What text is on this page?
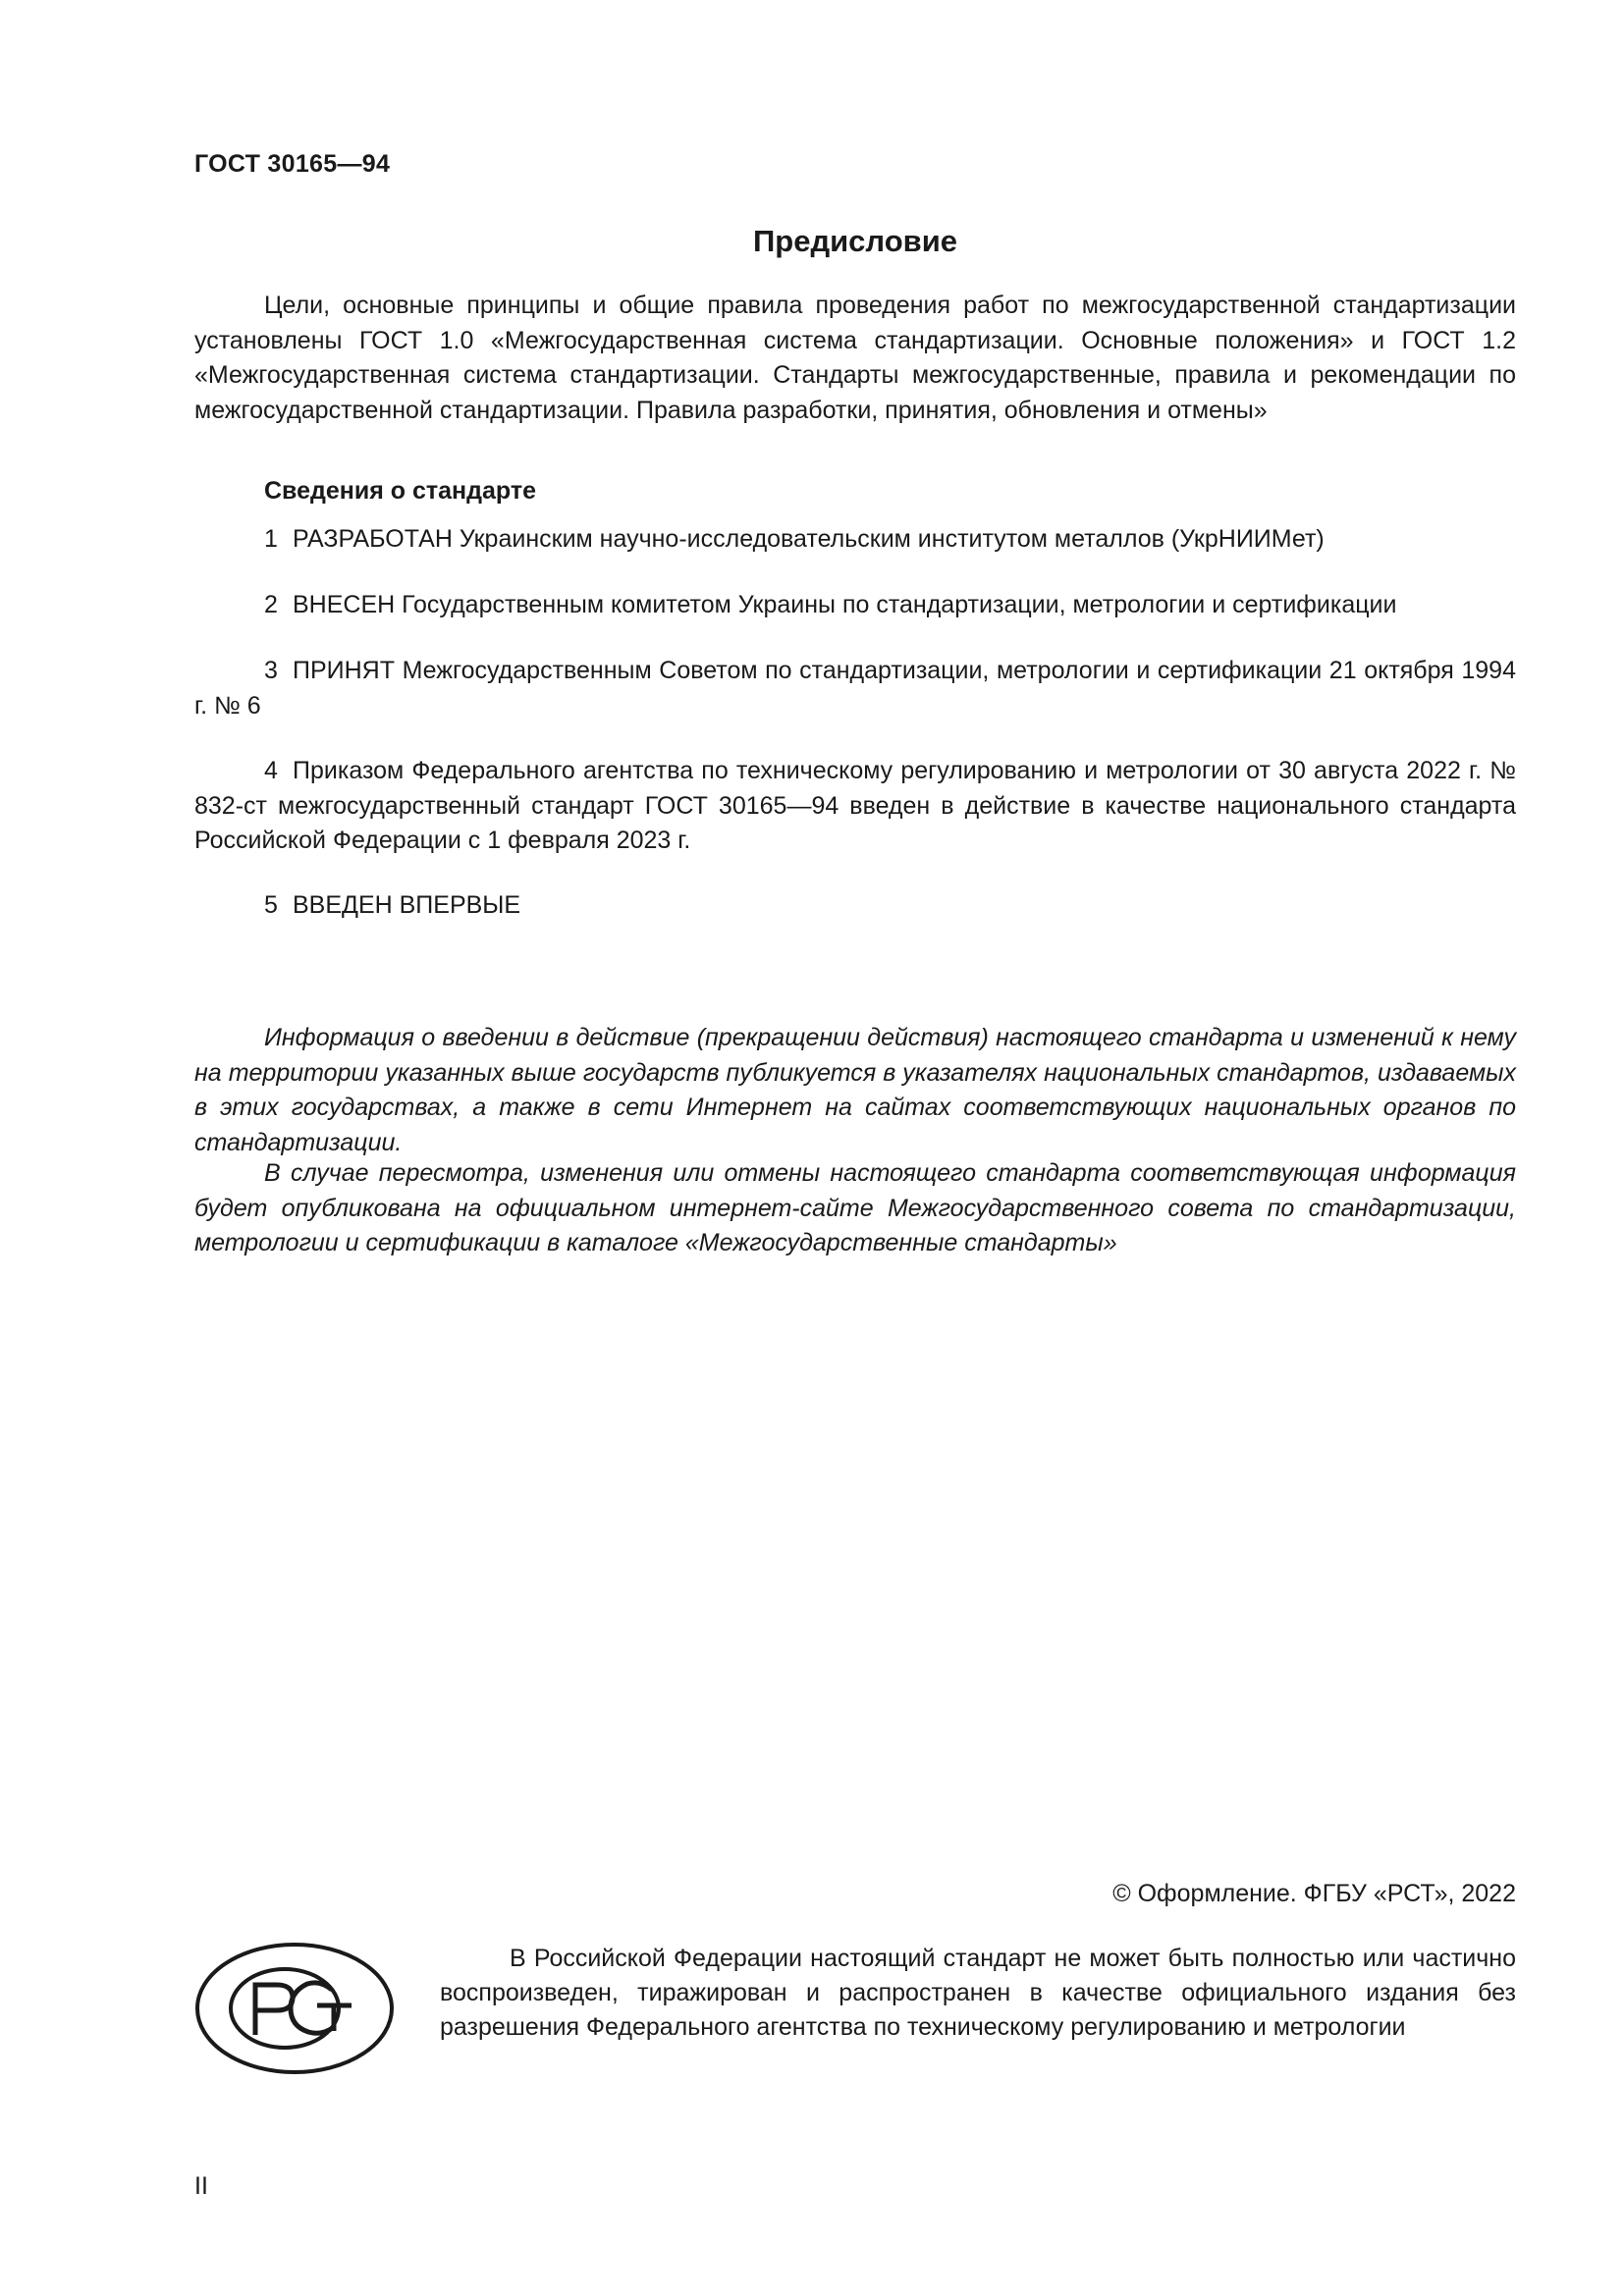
ГОСТ 30165—94
Предисловие

Цели, основные принципы и общие правила проведения работ по межгосударственной стандартизации установлены ГОСТ 1.0 «Межгосударственная система стандартизации. Основные положения» и ГОСТ 1.2 «Межгосударственная система стандартизации. Стандарты межгосударственные, правила и рекомендации по межгосударственной стандартизации. Правила разработки, принятия, обновления и отмены»

Сведения о стандарте

1 РАЗРАБОТАН Украинским научно-исследовательским институтом металлов (УкрНИИМет)

2 ВНЕСЕН Государственным комитетом Украины по стандартизации, метрологии и сертификации

3 ПРИНЯТ Межгосударственным Советом по стандартизации, метрологии и сертификации 21 октября 1994 г. № 6

4 Приказом Федерального агентства по техническому регулированию и метрологии от 30 августа 2022 г. № 832-ст межгосударственный стандарт ГОСТ 30165—94 введен в действие в качестве национального стандарта Российской Федерации с 1 февраля 2023 г.

5 ВВЕДЕН ВПЕРВЫЕ

Информация о введении в действие (прекращении действия) настоящего стандарта и изменений к нему на территории указанных выше государств публикуется в указателях национальных стандартов, издаваемых в этих государствах, а также в сети Интернет на сайтах соответствующих национальных органов по стандартизации.

В случае пересмотра, изменения или отмены настоящего стандарта соответствующая информация будет опубликована на официальном интернет-сайте Межгосударственного совета по стандартизации, метрологии и сертификации в каталоге «Межгосударственные стандарты»

© Оформление. ФГБУ «РСТ», 2022

В Российской Федерации настоящий стандарт не может быть полностью или частично воспроизведен, тиражирован и распространен в качестве официального издания без разрешения Федерального агентства по техническому регулированию и метрологии

II
